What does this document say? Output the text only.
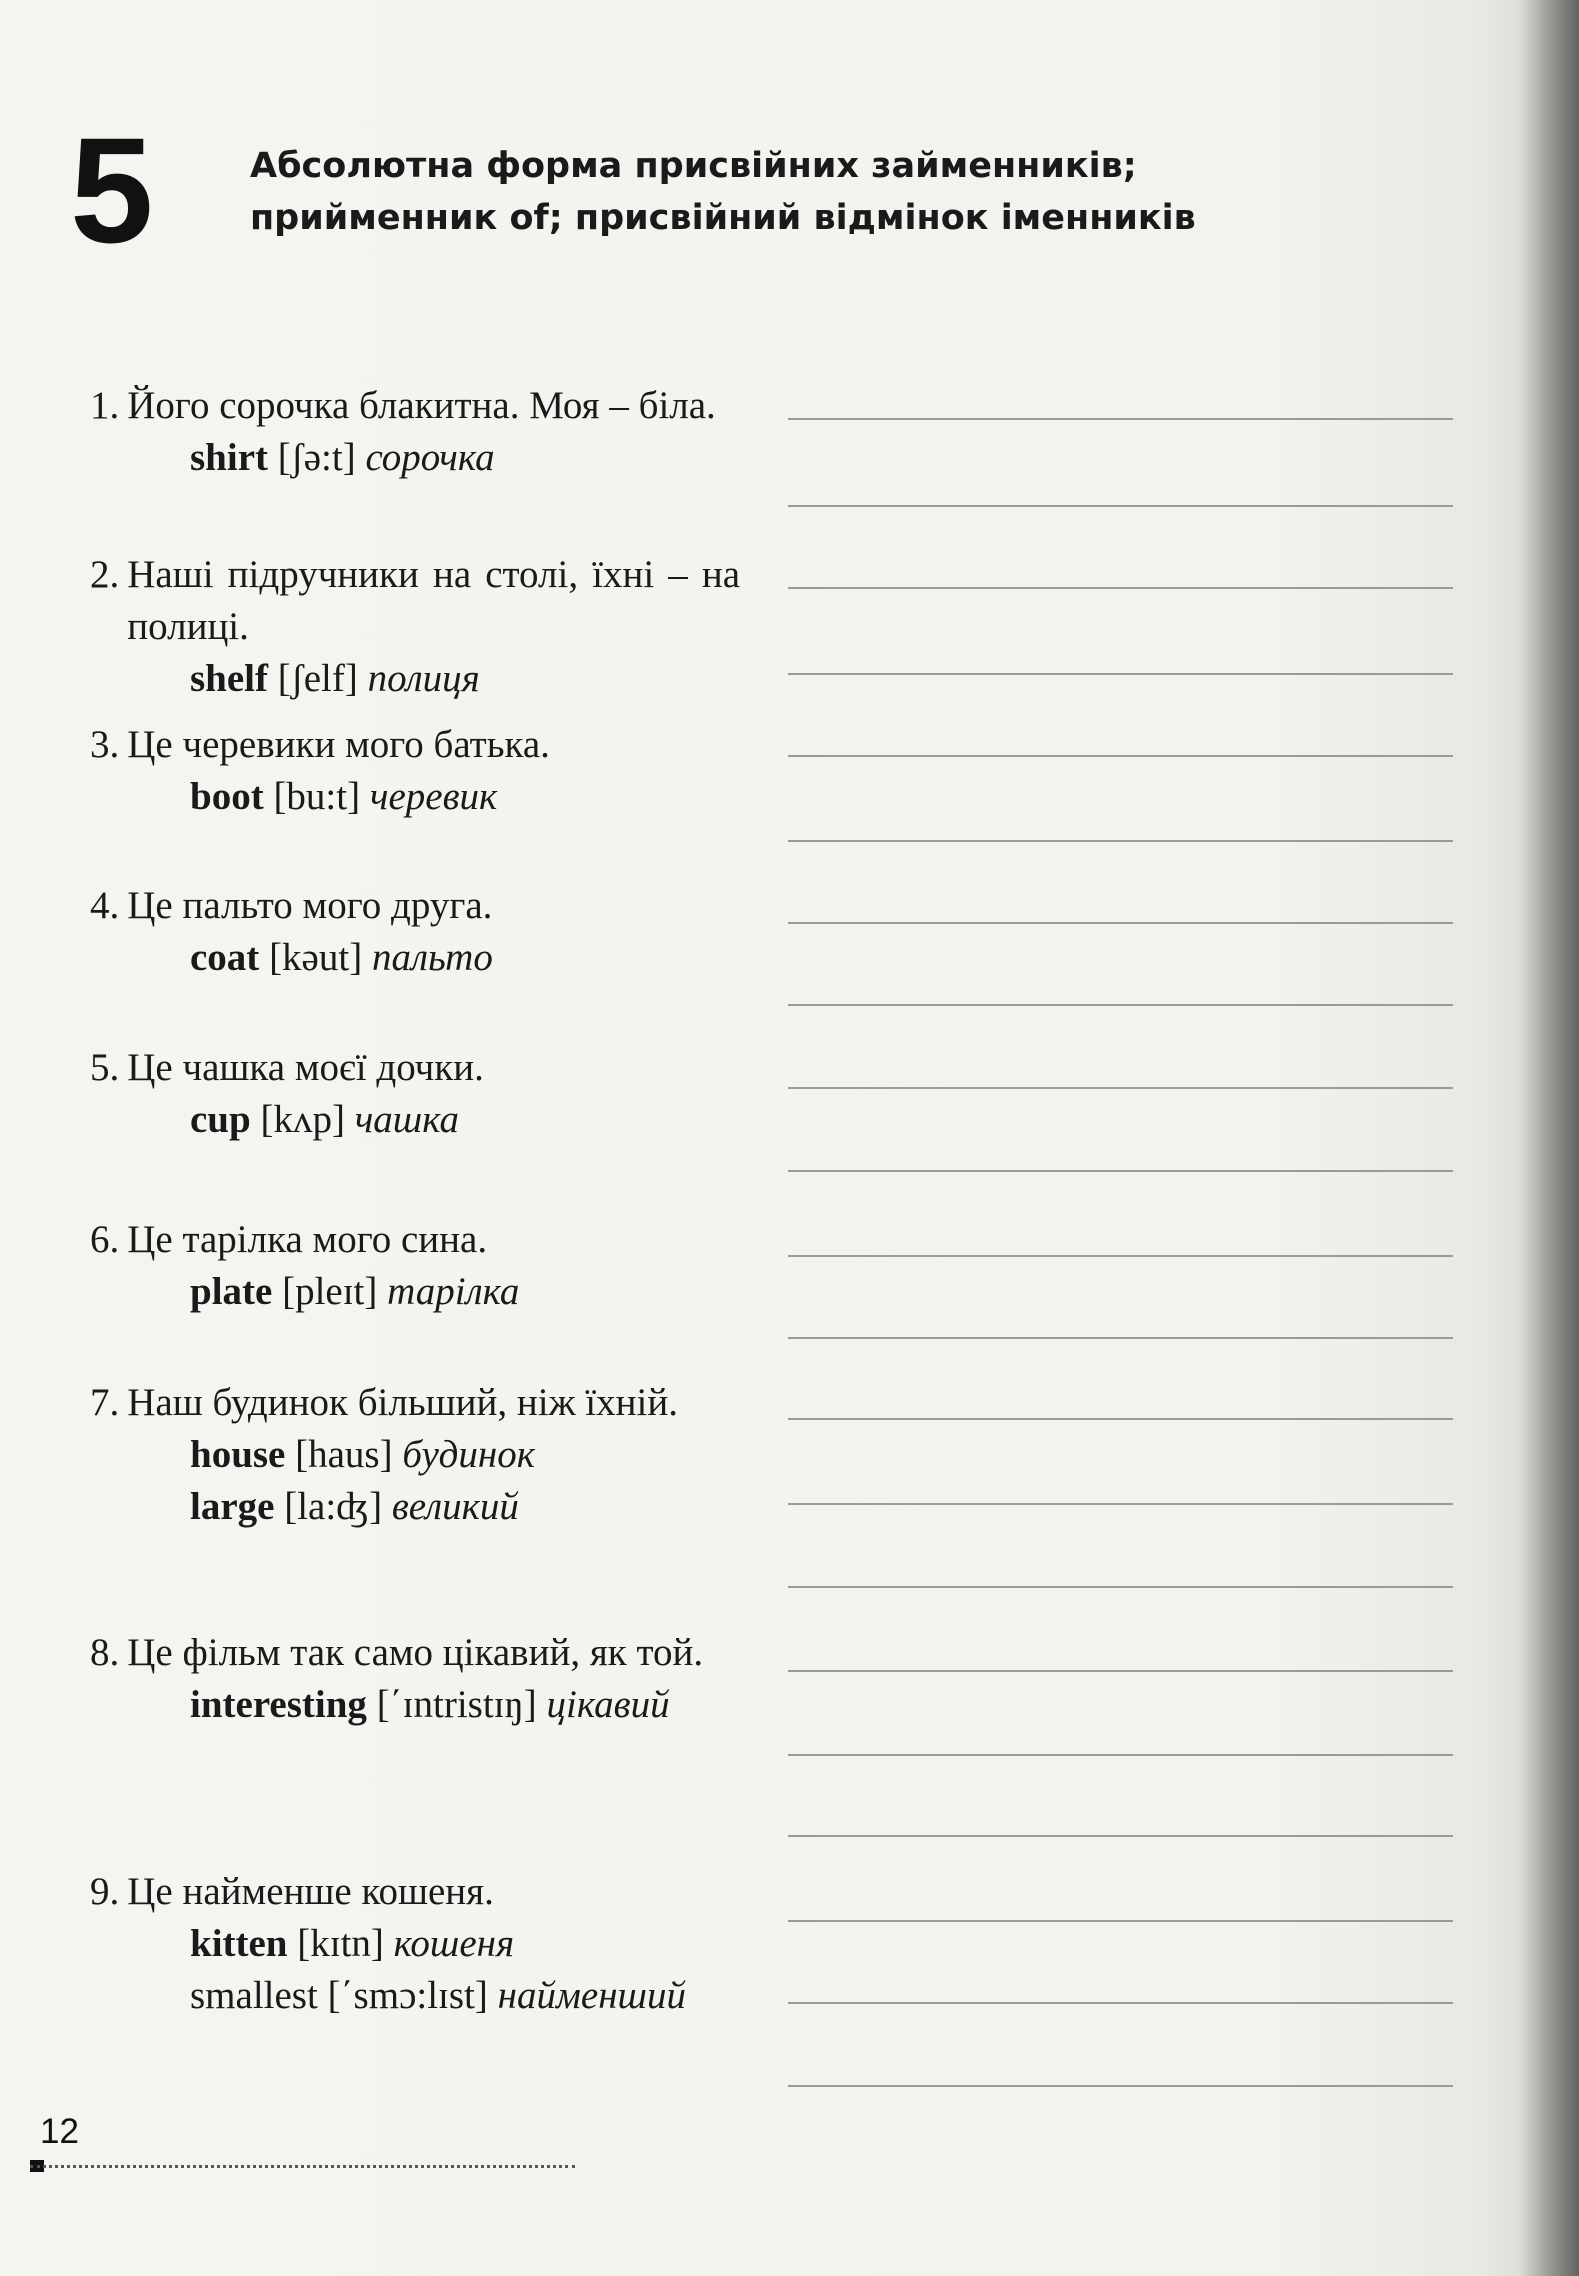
5	Абсолютна форма присвійних займенників;
прийменник of; присвійний відмінок іменників
1. Його сорочка блакитна. Моя – біла.
shirt [ʃə:t] сорочка
2. Наші підручники на столі, їхні – на полиці.
shelf [ʃelf] полиця
3. Це черевики мого батька.
boot [bu:t] черевик
4. Це пальто мого друга.
coat [kəut] пальто
5. Це чашка моєї дочки.
cup [kʌp] чашка
6. Це тарілка мого сина.
plate [pleɪt] тарілка
7. Наш будинок більший, ніж їхній.
house [haus] будинок
large [la:ʤ] великий
8. Це фільм так само цікавий, як той.
interesting [΄ɪntristɪŋ] цікавий
9. Це найменше кошеня.
kitten [kɪtn] кошеня
smallest [΄smɔ:lɪst] найменший
12
